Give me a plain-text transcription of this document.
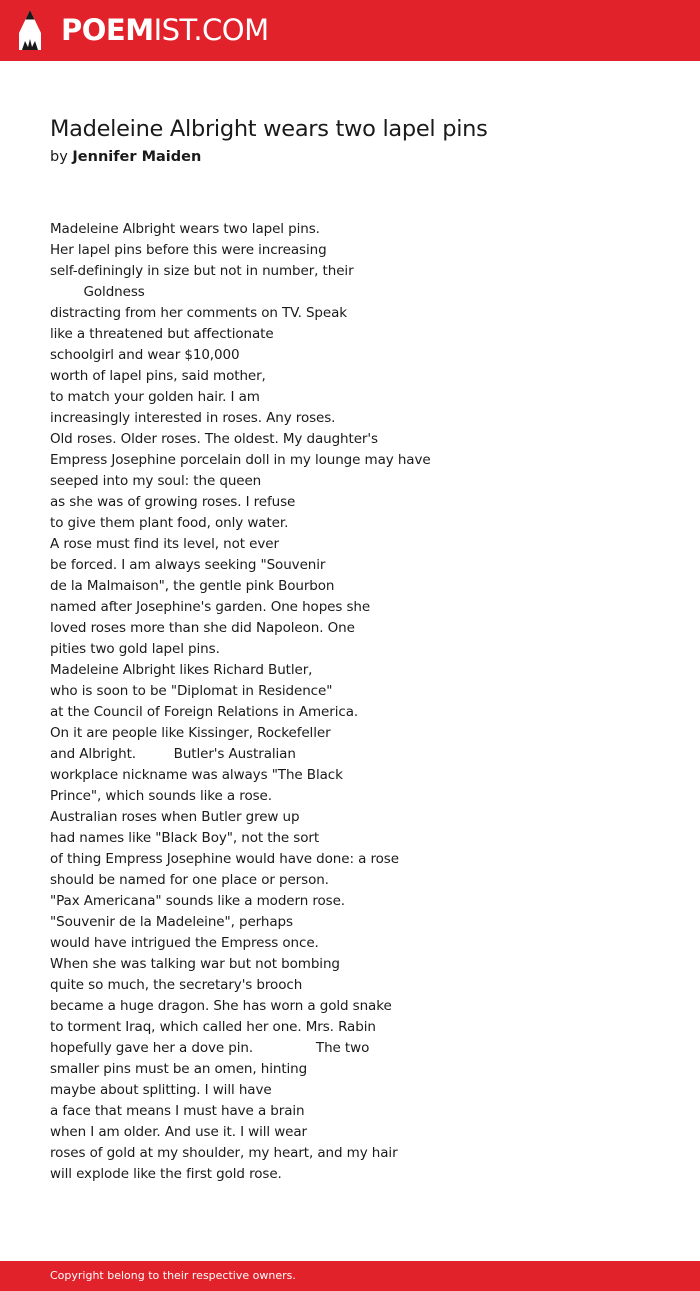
POEMIST.COM
Madeleine Albright wears two lapel pins
by Jennifer Maiden
Madeleine Albright wears two lapel pins.
Her lapel pins before this were increasing
self-definingly in size but not in number, their
Goldness
distracting from her comments on TV. Speak
like a threatened but affectionate
schoolgirl and wear $10,000
worth of lapel pins, said mother,
to match your golden hair. I am
increasingly interested in roses. Any roses.
Old roses. Older roses. The oldest. My daughter's
Empress Josephine porcelain doll in my lounge may have
seeped into my soul: the queen
as she was of growing roses. I refuse
to give them plant food, only water.
A rose must find its level, not ever
be forced. I am always seeking "Souvenir
de la Malmaison", the gentle pink Bourbon
named after Josephine's garden. One hopes she
loved roses more than she did Napoleon. One
pities two gold lapel pins.
Madeleine Albright likes Richard Butler,
who is soon to be "Diplomat in Residence"
at the Council of Foreign Relations in America.
On it are people like Kissinger, Rockefeller
and Albright.         Butler's Australian
workplace nickname was always "The Black
Prince", which sounds like a rose.
Australian roses when Butler grew up
had names like "Black Boy", not the sort
of thing Empress Josephine would have done: a rose
should be named for one place or person.
"Pax Americana" sounds like a modern rose.
"Souvenir de la Madeleine", perhaps
would have intrigued the Empress once.
When she was talking war but not bombing
quite so much, the secretary's brooch
became a huge dragon. She has worn a gold snake
to torment Iraq, which called her one. Mrs. Rabin
hopefully gave her a dove pin.               The two
smaller pins must be an omen, hinting
maybe about splitting. I will have
a face that means I must have a brain
when I am older. And use it. I will wear
roses of gold at my shoulder, my heart, and my hair
will explode like the first gold rose.
Copyright belong to their respective owners.
